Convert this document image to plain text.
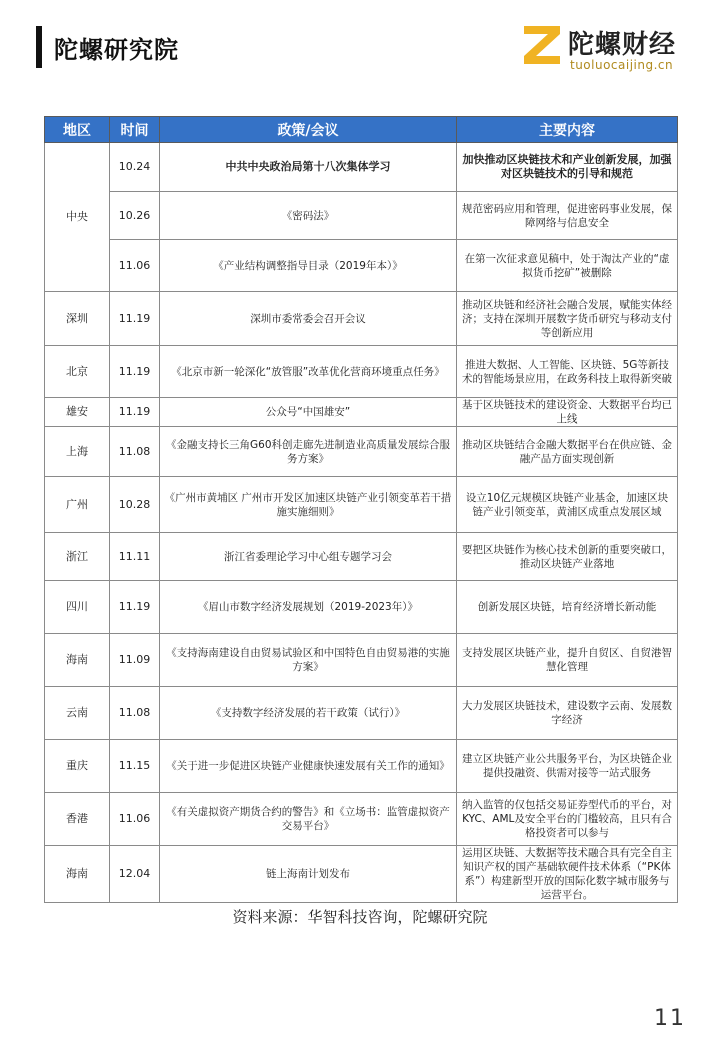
陀螺研究院	陀螺财经
tuoluocaijing.cn
地区	时间	政策/会议	主要内容
中央	10.24	中共中央政治局第十八次集体学习	加快推动区块链技术和产业创新发展，加强对区块链技术的引导和规范
	10.26	《密码法》	规范密码应用和管理，促进密码事业发展，保障网络与信息安全
	11.06	《产业结构调整指导目录（2019年本）》	在第一次征求意见稿中，处于淘汰产业的“虚拟货币挖矿”被删除
深圳	11.19	深圳市委常委会召开会议	推动区块链和经济社会融合发展，赋能实体经济；支持在深圳开展数字货币研究与移动支付等创新应用
北京	11.19	《北京市新一轮深化“放管服”改革优化营商环境重点任务》	推进大数据、人工智能、区块链、5G等新技术的智能场景应用，在政务科技上取得新突破
雄安	11.19	公众号“中国雄安”	基于区块链技术的建设资金、大数据平台均已上线
上海	11.08	《金融支持长三角G60科创走廊先进制造业高质量发展综合服务方案》	推动区块链结合金融大数据平台在供应链、金融产品方面实现创新
广州	10.28	《广州市黄埔区 广州市开发区加速区块链产业引领变革若干措施实施细则》	设立10亿元规模区块链产业基金，加速区块链产业引领变革，黄浦区成重点发展区域
浙江	11.11	浙江省委理论学习中心组专题学习会	要把区块链作为核心技术创新的重要突破口，推动区块链产业落地
四川	11.19	《眉山市数字经济发展规划（2019-2023年）》	创新发展区块链，培育经济增长新动能
海南	11.09	《支持海南建设自由贸易试验区和中国特色自由贸易港的实施方案》	支持发展区块链产业，提升自贸区、自贸港智慧化管理
云南	11.08	《支持数字经济发展的若干政策（试行）》	大力发展区块链技术，建设数字云南、发展数字经济
重庆	11.15	《关于进一步促进区块链产业健康快速发展有关工作的通知》	建立区块链产业公共服务平台，为区块链企业提供投融资、供需对接等一站式服务
香港	11.06	《有关虚拟资产期货合约的警告》和《立场书：监管虚拟资产交易平台》	纳入监管的仅包括交易证券型代币的平台，对KYC、AML及安全平台的门槛较高，且只有合格投资者可以参与
海南	12.04	链上海南计划发布	运用区块链、大数据等技术融合具有完全自主知识产权的国产基础软硬件技术体系（“PK体系”）构建新型开放的国际化数字城市服务与运营平台。
资料来源：华智科技咨询，陀螺研究院
11
